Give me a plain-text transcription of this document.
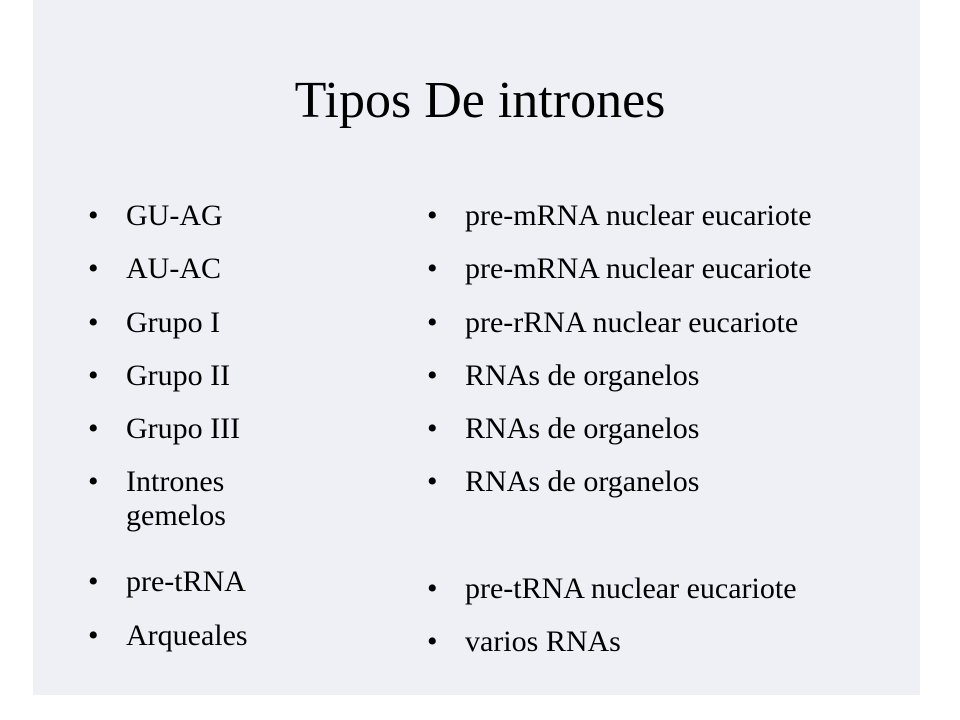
Tipos De intrones
• GU-AG
• AU-AC
• Grupo I
• Grupo II
• Grupo III
• Intrones
gemelos
• pre-tRNA
• Arqueales
• pre-mRNA nuclear eucariote
• pre-mRNA nuclear eucariote
• pre-rRNA nuclear eucariote
• RNAs de organelos
• RNAs de organelos
• RNAs de organelos
• pre-tRNA nuclear eucariote
• varios RNAs
